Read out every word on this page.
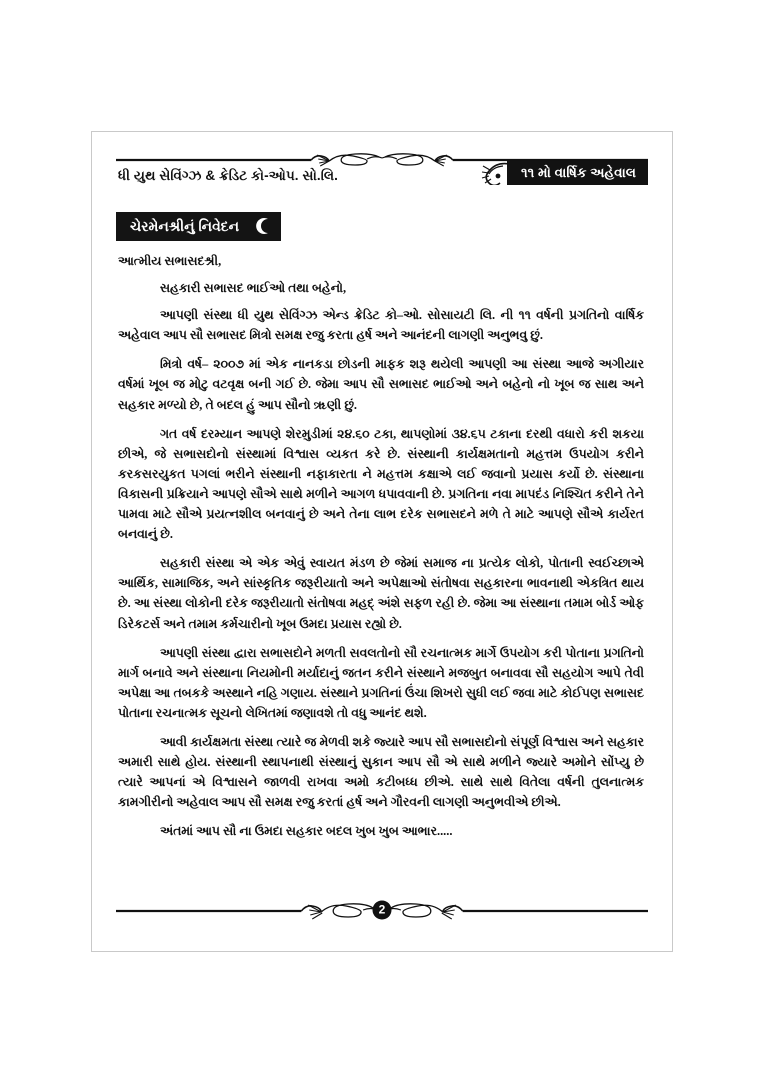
ધી યુથ સેવિંગ્ઝ & ક્રેડિટ કો-ઓપ. સો.લિ.	૧૧ મો વાર્ષિક અહેવાલ
ચેરમેનશ્રીનું નિવેદન

આત્મીય સભાસદશ્રી,

સહકારી સભાસદ ભાઈઓ તથા બહેનો,

આપણી સંસ્થા ધી યુથ સેવિંગ્ઝ એન્ડ ક્રેડિટ કો–ઓ. સોસાયટી લિ. ની ૧૧ વર્ષની પ્રગતિનો વાર્ષિક અહેવાલ આપ સૌ સભાસદ મિત્રો સમક્ષ રજુ કરતા હર્ષ અને આનંદની લાગણી અનુભવુ છું.

મિત્રો વર્ષ– ૨૦૦૭ માં એક નાનકડા છોડની માફક શરૂ થયેલી આપણી આ સંસ્થા આજે અગીયાર વર્ષમાં ખૂબ જ મોટુ વટવૃક્ષ બની ગઈ છે. જેમા આપ સૌ સભાસદ ભાઈઓ અને બહેનો નો ખૂબ જ સાથ અને સહકાર મળ્યો છે, તે બદલ હું આપ સૌનો ૠણી છું.

ગત વર્ષ દરમ્યાન આપણે શેરમુડીમાં ૨૪.૬૦ ટકા, થાપણોમાં ૩૪.૬૫ ટકાના દરથી વધારો કરી શકયા છીએ, જે સભાસદોનો સંસ્થામાં વિશ્વાસ વ્યકત કરે છે. સંસ્થાની કાર્યક્ષમતાનો મહત્તમ ઉપયોગ કરીને કરકસરયુકત પગલાં ભરીને સંસ્થાની નફાકારતા ને મહત્તમ કક્ષાએ લઈ જવાનો પ્રયાસ કર્યો છે. સંસ્થાના વિકાસની પ્રક્રિયાને આપણે સૌએ સાથે મળીને આગળ ધપાવવાની છે. પ્રગતિના નવા માપદંડ નિશ્ચિત કરીને તેને પામવા માટે સૌએ પ્રયત્નશીલ બનવાનું છે અને તેના લાભ દરેક સભાસદને મળે તે માટે આપણે સૌએ કાર્યરત બનવાનું છે.

સહકારી સંસ્થા એ એક એવું સ્વાયત મંડળ છે જેમાં સમાજ ના પ્રત્યેક લોકો, પોતાની સ્વઈચ્છાએ આર્થિક, સામાજિક, અને સાંસ્કૃતિક જરૂરીયાતો અને અપેક્ષાઓ સંતોષવા સહકારના ભાવનાથી એકત્રિત થાય છે. આ સંસ્થા લોકોની દરેક જરૂરીયાતો સંતોષવા મહદ્ અંશે સફળ રહી છે. જેમા આ સંસ્થાના તમામ બોર્ડ ઓફ ડિરેકટર્સ અને તમામ કર્મચારીનો ખૂબ ઉમદા પ્રયાસ રહ્યો છે.

આપણી સંસ્થા દ્વારા સભાસદોને મળતી સવલતોનો સૌ રચનાત્મક માર્ગે ઉપયોગ કરી પોતાના પ્રગતિનો માર્ગ બનાવે અને સંસ્થાના નિયમોની મર્યાદાનું જતન કરીને સંસ્થાને મજબુત બનાવવા સૌ સહયોગ આપે તેવી અપેક્ષા આ તબકકે અસ્થાને નહિ ગણાય. સંસ્થાને પ્રગતિનાં ઉંચા શિખરો સુધી લઈ જવા માટે કોઈપણ સભાસદ પોતાના રચનાત્મક સૂચનો લેખિતમાં જણાવશે તો વધુ આનંદ થશે.

આવી કાર્યક્ષમતા સંસ્થા ત્યારે જ મેળવી શકે જ્યારે આપ સૌ સભાસદોનો સંપૂર્ણ વિશ્વાસ અને સહકાર અમારી સાથે હોય. સંસ્થાની સ્થાપનાથી સંસ્થાનું સુકાન આપ સૌ એ સાથે મળીને જ્યારે અમોને સોંપ્યુ છે ત્યારે આપનાં એ વિશ્વાસને જાળવી રાખવા અમો કટીબધ્ધ છીએ. સાથે સાથે વિતેલા વર્ષની તુલનાત્મક કામગીરીનો અહેવાલ આપ સૌ સમક્ષ રજુ કરતાં હર્ષ અને ગૌરવની લાગણી અનુભવીએ છીએ.

અંતમાં આપ સૌ ના ઉમદા સહકાર બદલ ખુબ ખુબ આભાર.....

2
